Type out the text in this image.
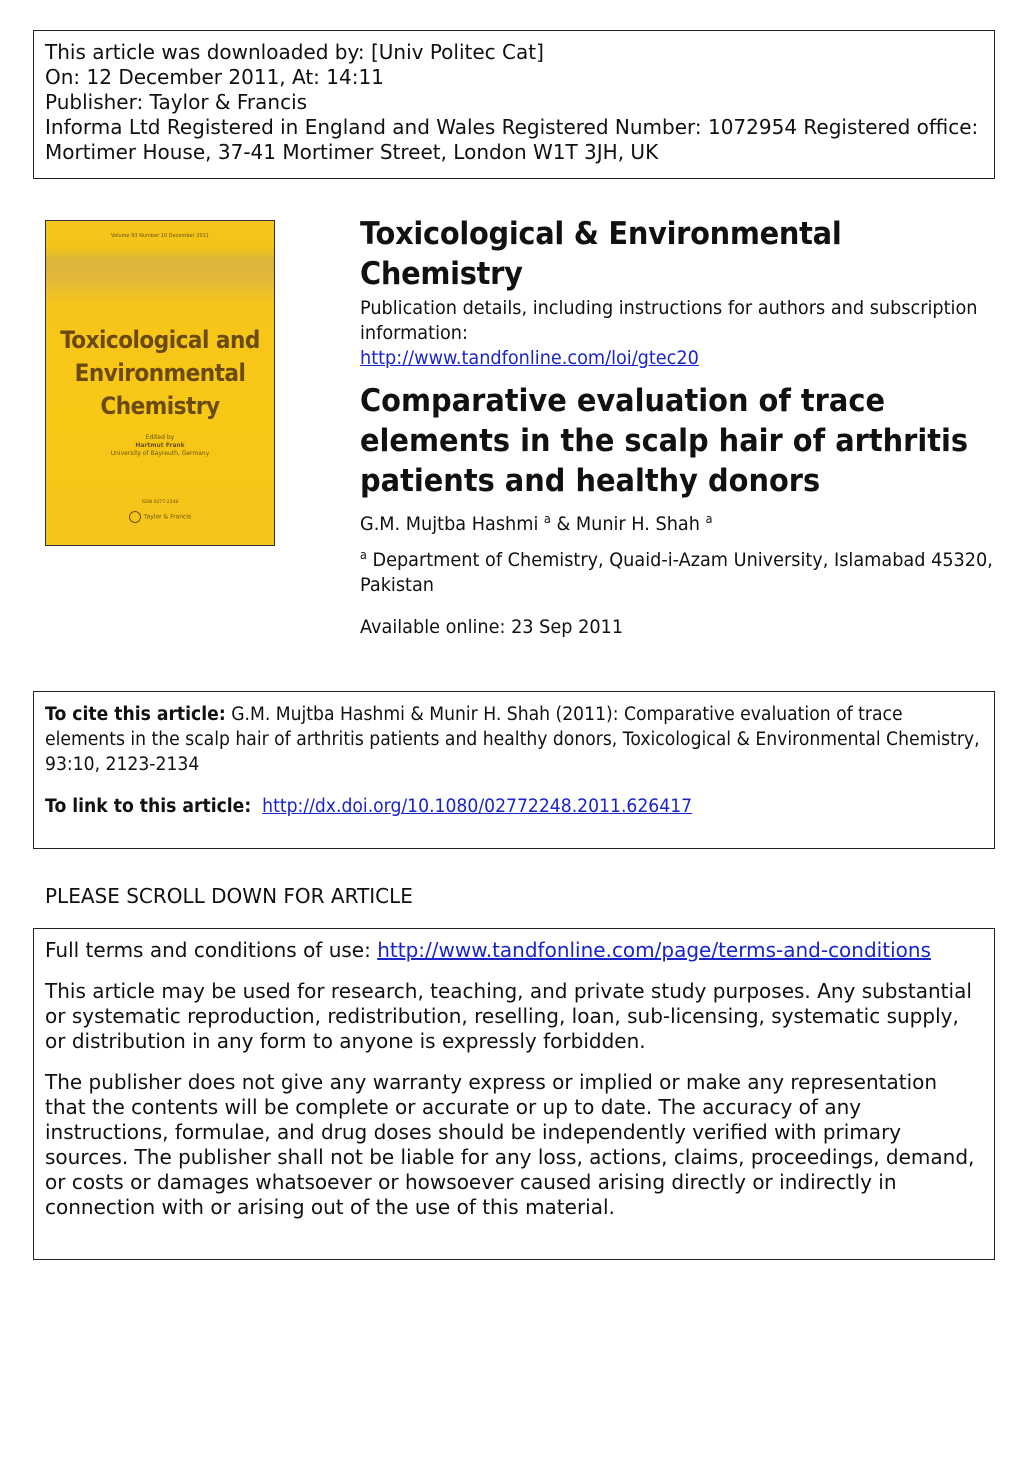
This article was downloaded by: [Univ Politec Cat]
On: 12 December 2011, At: 14:11
Publisher: Taylor & Francis
Informa Ltd Registered in England and Wales Registered Number: 1072954 Registered office: Mortimer House, 37-41 Mortimer Street, London W1T 3JH, UK
Volume 93 Number 10 December 2011
Toxicological and
Environmental
Chemistry
Edited by
Hartmut Frank
University of Bayreuth, Germany
ISSN 0277-2248
Taylor & Francis
Toxicological & Environmental Chemistry
Publication details, including instructions for authors and subscription information:
http://www.tandfonline.com/loi/gtec20
Comparative evaluation of trace elements in the scalp hair of arthritis patients and healthy donors
G.M. Mujtba Hashmi $^a$ & Munir H. Shah $^a$
$^a$ Department of Chemistry, Quaid-i-Azam University, Islamabad 45320, Pakistan
Available online: 23 Sep 2011
To cite this article: G.M. Mujtba Hashmi & Munir H. Shah (2011): Comparative evaluation of trace elements in the scalp hair of arthritis patients and healthy donors, Toxicological & Environmental Chemistry, 93:10, 2123-2134
To link to this article: http://dx.doi.org/10.1080/02772248.2011.626417
PLEASE SCROLL DOWN FOR ARTICLE

Full terms and conditions of use: http://www.tandfonline.com/page/terms-and-conditions

This article may be used for research, teaching, and private study purposes. Any substantial or systematic reproduction, redistribution, reselling, loan, sub-licensing, systematic supply, or distribution in any form to anyone is expressly forbidden.

The publisher does not give any warranty express or implied or make any representation that the contents will be complete or accurate or up to date. The accuracy of any instructions, formulae, and drug doses should be independently verified with primary sources. The publisher shall not be liable for any loss, actions, claims, proceedings, demand, or costs or damages whatsoever or howsoever caused arising directly or indirectly in connection with or arising out of the use of this material.
